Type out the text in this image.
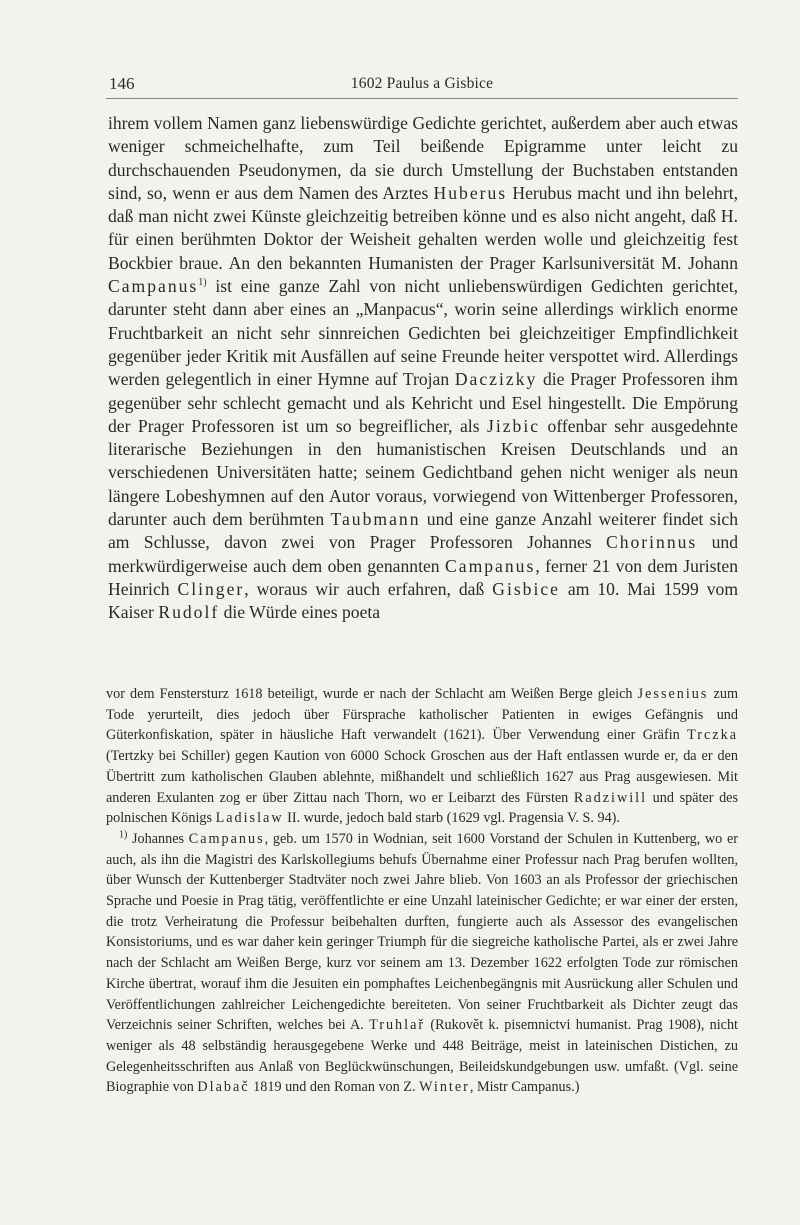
146	1602 Paulus a Gisbice

ihrem vollem Namen ganz liebenswürdige Gedichte gerichtet, außerdem aber auch etwas weniger schmeichelhafte, zum Teil beißende Epigramme unter leicht zu durchschauenden Pseudonymen, da sie durch Umstellung der Buchstaben entstanden sind, so, wenn er aus dem Namen des Arztes Huberus Herubus macht und ihn belehrt, daß man nicht zwei Künste gleichzeitig betreiben könne und es also nicht angeht, daß H. für einen berühmten Doktor der Weisheit gehalten werden wolle und gleichzeitig fest Bockbier braue. An den bekannten Humanisten der Prager Karlsuniversität M. Johann Campanus$^{1)}$ ist eine ganze Zahl von nicht unliebenswürdigen Gedichten gerichtet, darunter steht dann aber eines an „Manpacus“, worin seine allerdings wirklich enorme Fruchtbarkeit an nicht sehr sinnreichen Gedichten bei gleichzeitiger Empfindlichkeit gegenüber jeder Kritik mit Ausfällen auf seine Freunde heiter verspottet wird. Allerdings werden gelegentlich in einer Hymne auf Trojan Daczizky die Prager Professoren ihm gegenüber sehr schlecht gemacht und als Kehricht und Esel hingestellt. Die Empörung der Prager Professoren ist um so begreiflicher, als Jizbic offenbar sehr ausgedehnte literarische Beziehungen in den humanistischen Kreisen Deutschlands und an verschiedenen Universitäten hatte; seinem Gedichtband gehen nicht weniger als neun längere Lobeshymnen auf den Autor voraus, vorwiegend von Wittenberger Professoren, darunter auch dem berühmten Taubmann und eine ganze Anzahl weiterer findet sich am Schlusse, davon zwei von Prager Professoren Johannes Chorinnus und merkwürdigerweise auch dem oben genannten Campanus, ferner 21 von dem Juristen Heinrich Clinger, woraus wir auch erfahren, daß Gisbice am 10. Mai 1599 vom Kaiser Rudolf die Würde eines poeta

vor dem Fenstersturz 1618 beteiligt, wurde er nach der Schlacht am Weißen Berge gleich Jessenius zum Tode yerurteilt, dies jedoch über Fürsprache katholischer Patienten in ewiges Gefängnis und Güterkonfiskation, später in häusliche Haft verwandelt (1621). Über Verwendung einer Gräfin Trczka (Tertzky bei Schiller) gegen Kaution von 6000 Schock Groschen aus der Haft entlassen wurde er, da er den Übertritt zum katholischen Glauben ablehnte, mißhandelt und schließlich 1627 aus Prag ausgewiesen. Mit anderen Exulanten zog er über Zittau nach Thorn, wo er Leibarzt des Fürsten Radziwill und später des polnischen Königs Ladislaw II. wurde, jedoch bald starb (1629 vgl. Pragensia V. S. 94).

$^{1)}$ Johannes Campanus, geb. um 1570 in Wodnian, seit 1600 Vorstand der Schulen in Kuttenberg, wo er auch, als ihn die Magistri des Karlskollegiums behufs Übernahme einer Professur nach Prag berufen wollten, über Wunsch der Kuttenberger Stadtväter noch zwei Jahre blieb. Von 1603 an als Professor der griechischen Sprache und Poesie in Prag tätig, veröffentlichte er eine Unzahl lateinischer Gedichte; er war einer der ersten, die trotz Verheiratung die Professur beibehalten durften, fungierte auch als Assessor des evangelischen Konsistoriums, und es war daher kein geringer Triumph für die siegreiche katholische Partei, als er zwei Jahre nach der Schlacht am Weißen Berge, kurz vor seinem am 13. Dezember 1622 erfolgten Tode zur römischen Kirche übertrat, worauf ihm die Jesuiten ein pomphaftes Leichenbegängnis mit Ausrückung aller Schulen und Veröffentlichungen zahlreicher Leichengedichte bereiteten. Von seiner Fruchtbarkeit als Dichter zeugt das Verzeichnis seiner Schriften, welches bei A. Truhlař (Rukovět k. pisemnictvi humanist. Prag 1908), nicht weniger als 48 selbständig herausgegebene Werke und 448 Beiträge, meist in lateinischen Distichen, zu Gelegenheitsschriften aus Anlaß von Beglückwünschungen, Beileidskundgebungen usw. umfaßt. (Vgl. seine Biographie von Dlabač 1819 und den Roman von Z. Winter, Mistr Campanus.)
